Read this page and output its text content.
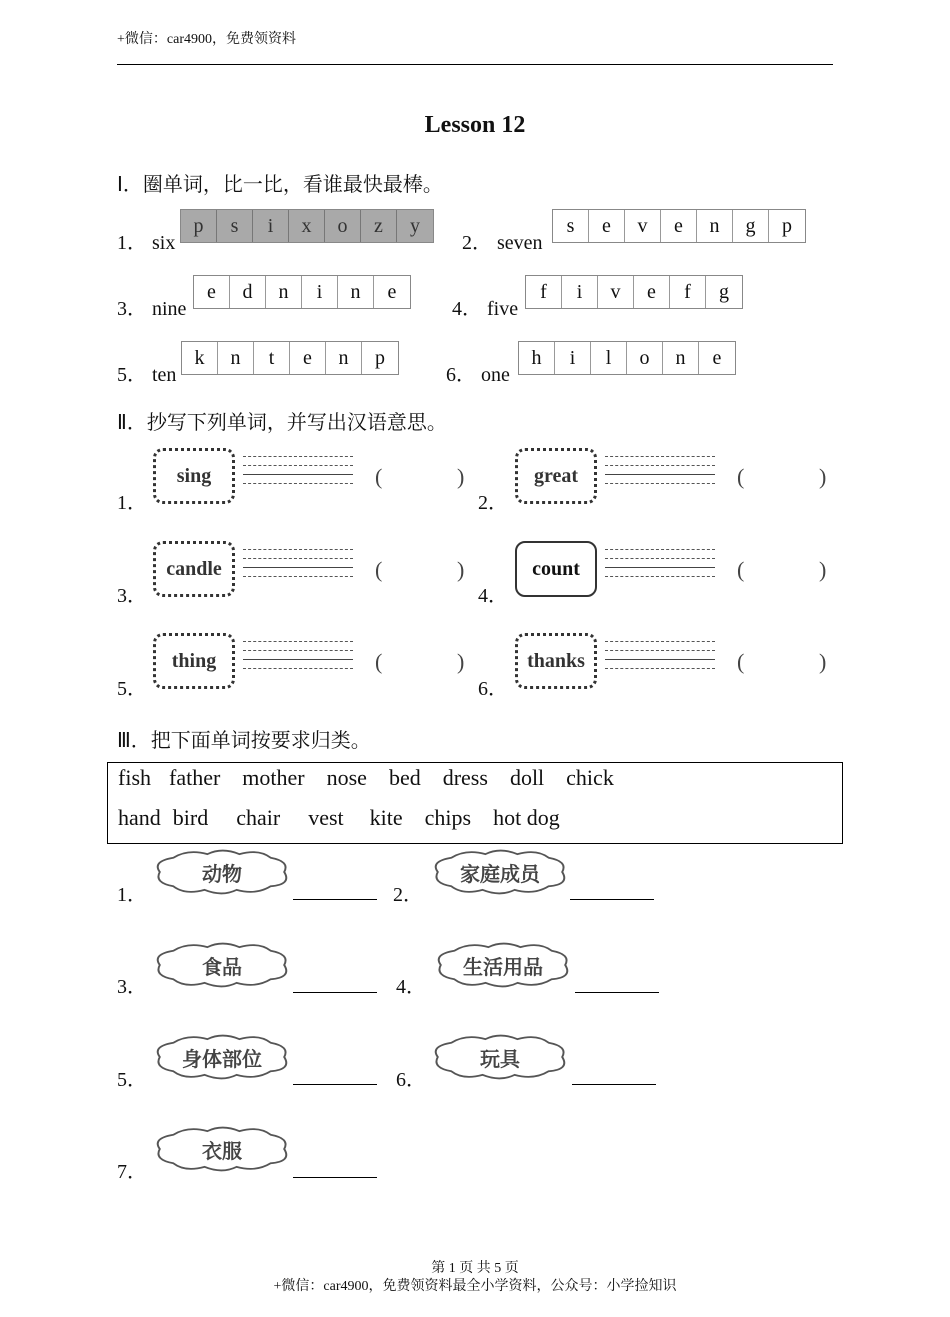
+微信：car4900，免费领资料
Lesson 12
I．圈单词，比一比，看谁最快最棒。
1． six
p	s	i	x	o	z	y
2． seven
s	e	v	e	n	g	p
3． nine
e	d	n	i	n	e
4． five
f	i	v	e	f	g
5． ten
k	n	t	e	n	p
6． one
h	i	l	o	n	e
Ⅱ．抄写下列单词，并写出汉语意思。
1．
sing	(	)
2．
great	(	)
3．
candle	(	)
4．
count	(	)
5．
thing	(	)
6．
thanks	(	)
Ⅲ．把下面单词按要求归类。
fish father mother nose bed dress doll chick
hand bird chair vest kite chips hot dog
1．
动物
2．
家庭成员
3．
食品
4．
生活用品
5．
身体部位
6．
玩具
7．
衣服
第 1 页 共 5 页
+微信：car4900，免费领资料最全小学资料，公众号：小学捡知识
